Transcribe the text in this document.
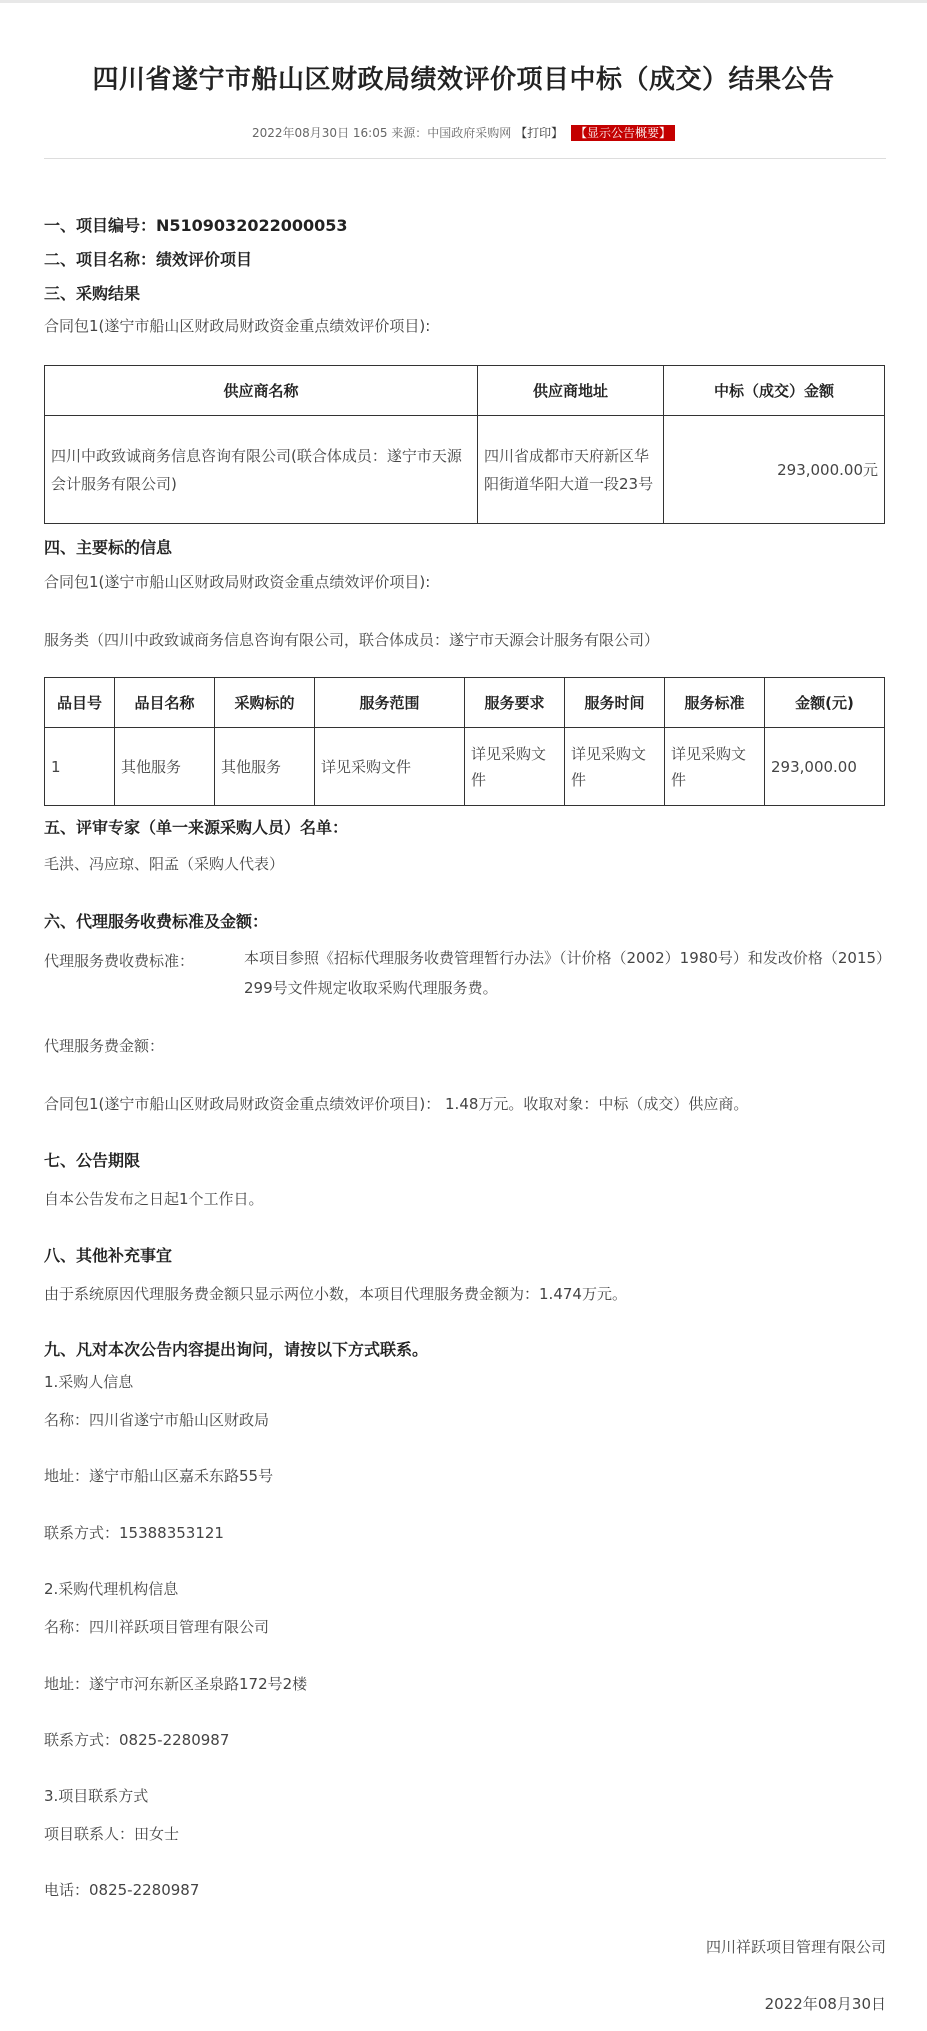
四川省遂宁市船山区财政局绩效评价项目中标（成交）结果公告
2022年08月30日 16:05 来源：中国政府采购网 【打印】 【显示公告概要】
一、项目编号：N5109032022000053
二、项目名称：绩效评价项目
三、采购结果
合同包1(遂宁市船山区财政局财政资金重点绩效评价项目):
供应商名称	供应商地址	中标（成交）金额
四川中政致诚商务信息咨询有限公司(联合体成员：遂宁市天源会计服务有限公司)	四川省成都市天府新区华阳街道华阳大道一段23号	293,000.00元
四、主要标的信息
合同包1(遂宁市船山区财政局财政资金重点绩效评价项目):
服务类（四川中政致诚商务信息咨询有限公司，联合体成员：遂宁市天源会计服务有限公司）
品目号	品目名称	采购标的	服务范围	服务要求	服务时间	服务标准	金额(元)
1	其他服务	其他服务	详见采购文件	详见采购文件	详见采购文件	详见采购文件	293,000.00
五、评审专家（单一来源采购人员）名单：
毛洪、冯应琼、阳孟（采购人代表）
六、代理服务收费标准及金额：
代理服务费收费标准：	本项目参照《招标代理服务收费管理暂行办法》（计价格（2002）1980号）和发改价格（2015）299号文件规定收取采购代理服务费。
代理服务费金额：
合同包1(遂宁市船山区财政局财政资金重点绩效评价项目)： 1.48万元。收取对象：中标（成交）供应商。
七、公告期限
自本公告发布之日起1个工作日。
八、其他补充事宜
由于系统原因代理服务费金额只显示两位小数，本项目代理服务费金额为：1.474万元。
九、凡对本次公告内容提出询问，请按以下方式联系。
1.采购人信息
名称：四川省遂宁市船山区财政局
地址：遂宁市船山区嘉禾东路55号
联系方式：15388353121
2.采购代理机构信息
名称：四川祥跃项目管理有限公司
地址：遂宁市河东新区圣泉路172号2楼
联系方式：0825-2280987
3.项目联系方式
项目联系人：田女士
电话：0825-2280987
四川祥跃项目管理有限公司
2022年08月30日
